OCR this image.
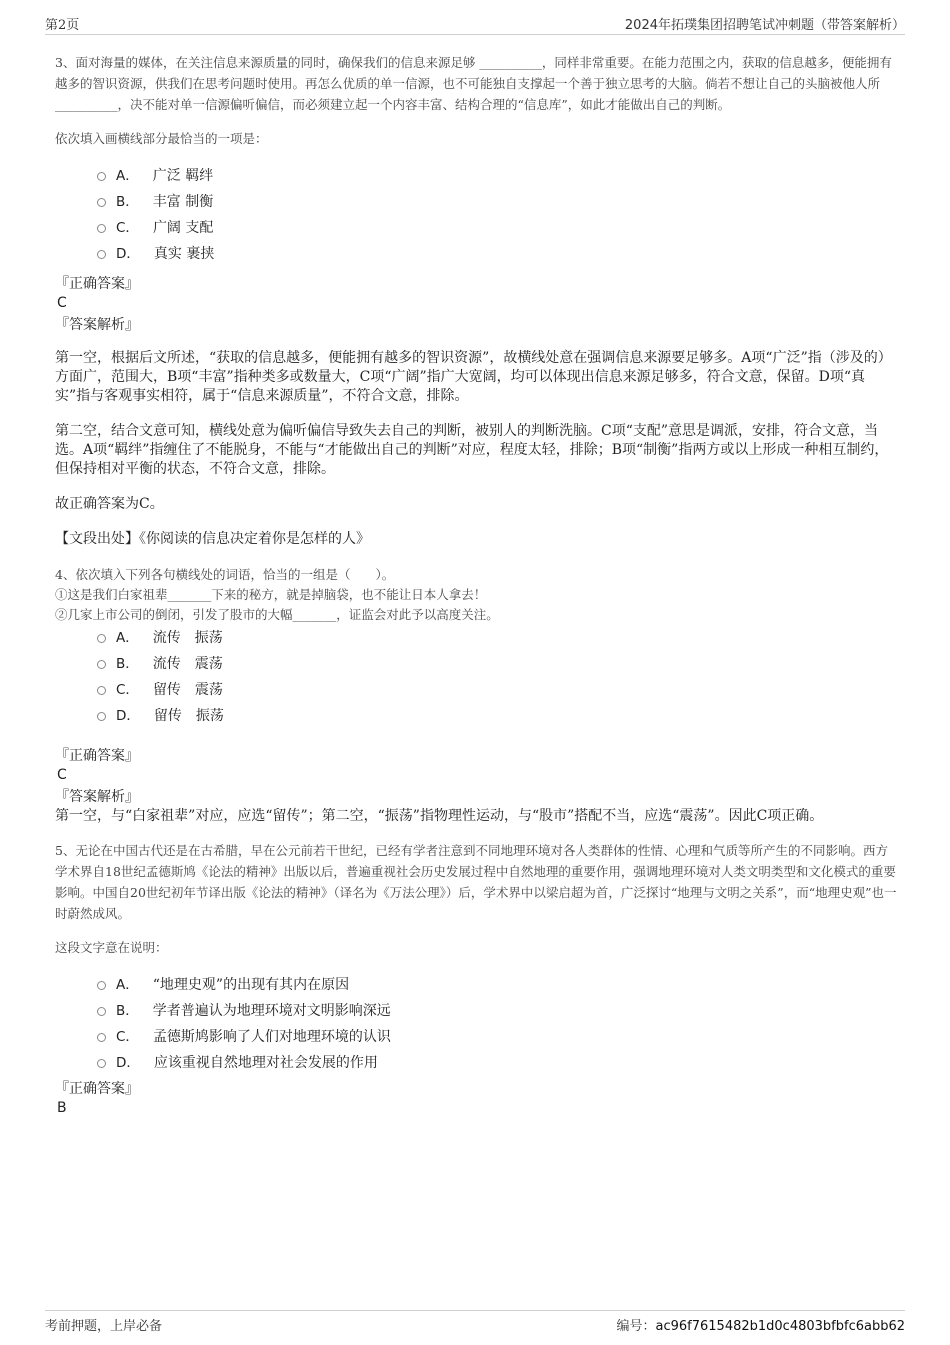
第2页	2024年拓璞集团招聘笔试冲刺题（带答案解析）

3、面对海量的媒体，在关注信息来源质量的同时，确保我们的信息来源足够 __________，同样非常重要。在能力范围之内，获取的信息越多，便能拥有越多的智识资源，供我们在思考问题时使用。再怎么优质的单一信源，也不可能独自支撑起一个善于独立思考的大脑。倘若不想让自己的头脑被他人所 __________，决不能对单一信源偏听偏信，而必须建立起一个内容丰富、结构合理的“信息库”，如此才能做出自己的判断。

依次填入画横线部分最恰当的一项是：

A． 广泛 羁绊
B． 丰富 制衡
C． 广阔 支配
D． 真实 裹挟

『正确答案』

C

『答案解析』

第一空，根据后文所述，“获取的信息越多，便能拥有越多的智识资源”，故横线处意在强调信息来源要足够多。A项“广泛”指（涉及的）方面广，范围大，B项“丰富”指种类多或数量大，C项“广阔”指广大宽阔，均可以体现出信息来源足够多，符合文意，保留。D项“真实”指与客观事实相符，属于“信息来源质量”，不符合文意，排除。

第二空，结合文意可知，横线处意为偏听偏信导致失去自己的判断，被别人的判断洗脑。C项“支配”意思是调派，安排，符合文意，当选。A项“羁绊”指缠住了不能脱身，不能与“才能做出自己的判断”对应，程度太轻，排除；B项“制衡”指两方或以上形成一种相互制约，但保持相对平衡的状态，不符合文意，排除。

故正确答案为C。

【文段出处】《你阅读的信息决定着你是怎样的人》

4、依次填入下列各句横线处的词语，恰当的一组是（　　）。

①这是我们白家祖辈_______下来的秘方，就是掉脑袋，也不能让日本人拿去！

②几家上市公司的倒闭，引发了股市的大幅_______，证监会对此予以高度关注。

A． 流传　振荡
B． 流传　震荡
C． 留传　震荡
D． 留传　振荡

『正确答案』

C

『答案解析』

第一空，与“白家祖辈”对应，应选“留传”；第二空，“振荡”指物理性运动，与“股市”搭配不当，应选“震荡”。因此C项正确。

5、无论在中国古代还是在古希腊，早在公元前若干世纪，已经有学者注意到不同地理环境对各人类群体的性情、心理和气质等所产生的不同影响。西方学术界自18世纪孟德斯鸠《论法的精神》出版以后，普遍重视社会历史发展过程中自然地理的重要作用，强调地理环境对人类文明类型和文化模式的重要影响。中国自20世纪初年节译出版《论法的精神》（译名为《万法公理》）后，学术界中以梁启超为首，广泛探讨“地理与文明之关系”，而“地理史观”也一时蔚然成风。

这段文字意在说明：

A． “地理史观”的出现有其内在原因
B． 学者普遍认为地理环境对文明影响深远
C． 孟德斯鸠影响了人们对地理环境的认识
D． 应该重视自然地理对社会发展的作用

『正确答案』

B

考前押题，上岸必备	编号：ac96f7615482b1d0c4803bfbfc6abb62
